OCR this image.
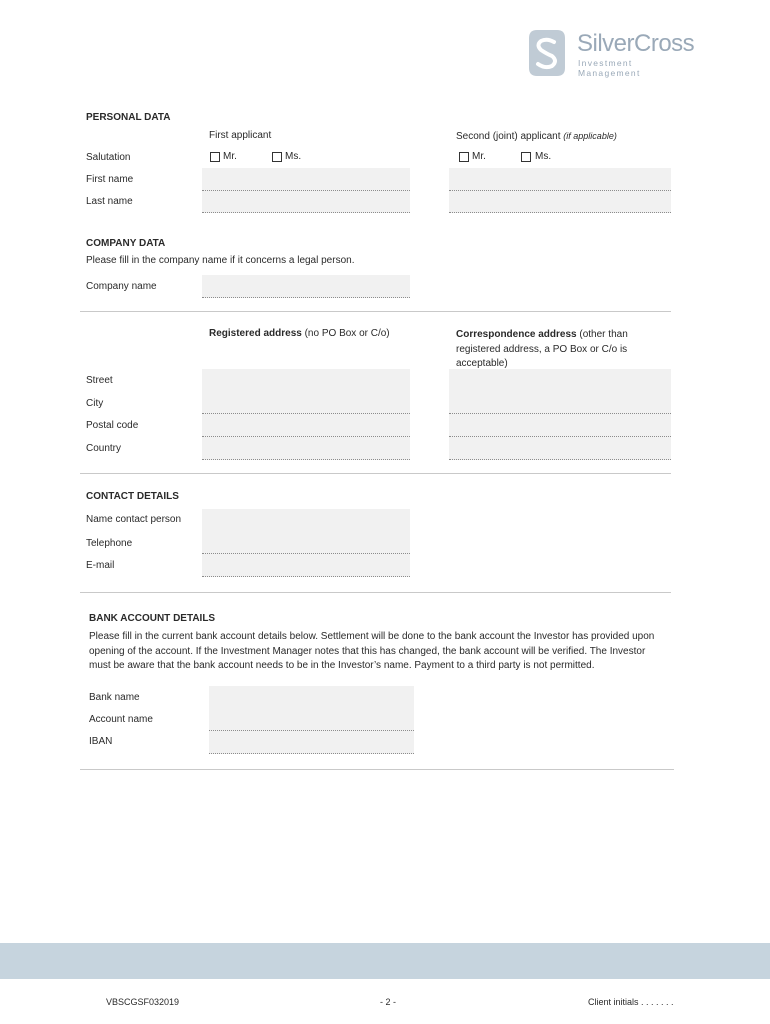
SilverCross
Investment Management
PERSONAL DATA
First applicant	Second (joint) applicant (if applicable)
Salutation	Mr.	Ms.	Mr.	Ms.
First name
Last name
COMPANY DATA
Please fill in the company name if it concerns a legal person.
Company name
Registered address (no PO Box or C/o)	Correspondence address (other than
registered address, a PO Box or C/o is
acceptable)
Street
City
Postal code
Country
CONTACT DETAILS
Name contact person
Telephone
E-mail
BANK ACCOUNT DETAILS
Please fill in the current bank account details below. Settlement will be done to the bank account the Investor has provided upon opening of the account. If the Investment Manager notes that this has changed, the bank account will be verified. The Investor must be aware that the bank account needs to be in the Investor’s name. Payment to a third party is not permitted.
Bank name
Account name
IBAN
VBSCGSF032019	- 2 -	Client initials . . . . . . .
